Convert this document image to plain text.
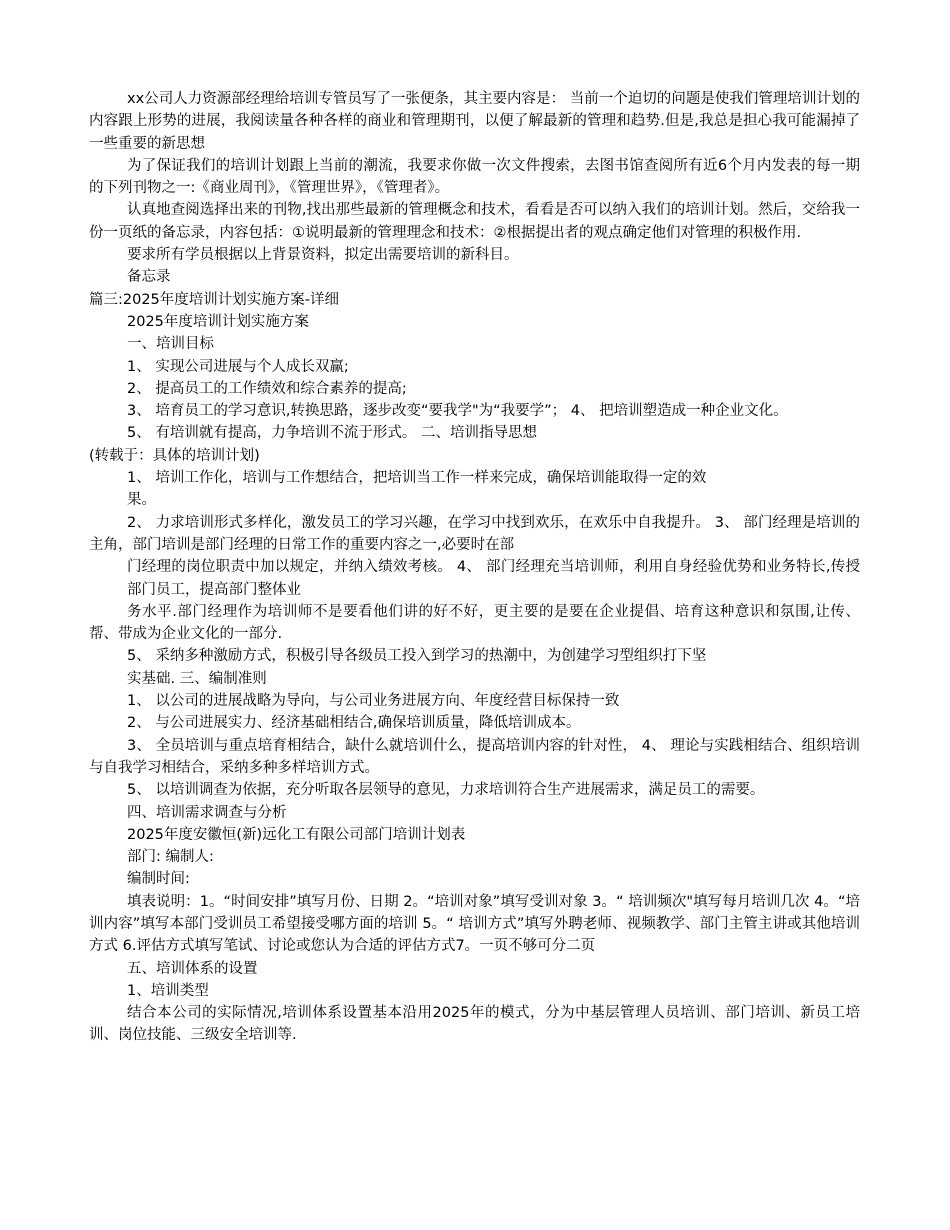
xx公司人力资源部经理给培训专管员写了一张便条，其主要内容是： 当前一个迫切的问题是使我们管理培训计划的内容跟上形势的进展，我阅读量各种各样的商业和管理期刊，以便了解最新的管理和趋势.但是,我总是担心我可能漏掉了一些重要的新思想

为了保证我们的培训计划跟上当前的潮流，我要求你做一次文件搜索，去图书馆查阅所有近6个月内发表的每一期的下列刊物之一:《商业周刊》，《管理世界》，《管理者》。

认真地查阅选择出来的刊物,找出那些最新的管理概念和技术，看看是否可以纳入我们的培训计划。然后，交给我一份一页纸的备忘录，内容包括：①说明最新的管理理念和技术：②根据提出者的观点确定他们对管理的积极作用.

要求所有学员根据以上背景资料，拟定出需要培训的新科目。

备忘录

篇三:2025年度培训计划实施方案-详细

2025年度培训计划实施方案

一、培训目标

1、 实现公司进展与个人成长双赢;

2、 提高员工的工作绩效和综合素养的提高;

3、 培育员工的学习意识,转换思路，逐步改变“要我学"为“我要学”； 4、 把培训塑造成一种企业文化。

5、 有培训就有提高，力争培训不流于形式。 二、培训指导思想

(转载于：具体的培训计划)

1、 培训工作化，培训与工作想结合，把培训当工作一样来完成，确保培训能取得一定的效

果。

2、 力求培训形式多样化，激发员工的学习兴趣，在学习中找到欢乐，在欢乐中自我提升。 3、 部门经理是培训的主角，部门培训是部门经理的日常工作的重要内容之一,必要时在部

门经理的岗位职责中加以规定，并纳入绩效考核。 4、 部门经理充当培训师，利用自身经验优势和业务特长,传授部门员工，提高部门整体业

务水平.部门经理作为培训师不是要看他们讲的好不好，更主要的是要在企业提倡、培育这种意识和氛围,让传、帮、带成为企业文化的一部分.

5、 采纳多种激励方式，积极引导各级员工投入到学习的热潮中，为创建学习型组织打下坚

实基础. 三、编制准则

1、 以公司的进展战略为导向，与公司业务进展方向、年度经营目标保持一致

2、 与公司进展实力、经济基础相结合,确保培训质量，降低培训成本。

3、 全员培训与重点培育相结合，缺什么就培训什么，提高培训内容的针对性， 4、 理论与实践相结合、组织培训与自我学习相结合，采纳多种多样培训方式。

5、 以培训调查为依据，充分听取各层领导的意见，力求培训符合生产进展需求，满足员工的需要。

四、培训需求调查与分析

2025年度安徽恒(新)远化工有限公司部门培训计划表

部门: 编制人:

编制时间:

填表说明：1。“时间安排”填写月份、日期 2。“培训对象”填写受训对象 3。“ 培训频次"填写每月培训几次 4。“培训内容”填写本部门受训员工希望接受哪方面的培训 5。“ 培训方式”填写外聘老师、视频教学、部门主管主讲或其他培训方式 6.评估方式填写笔试、讨论或您认为合适的评估方式7。一页不够可分二页

五、培训体系的设置

1、培训类型

结合本公司的实际情况,培训体系设置基本沿用2025年的模式，分为中基层管理人员培训、部门培训、新员工培训、岗位技能、三级安全培训等.
